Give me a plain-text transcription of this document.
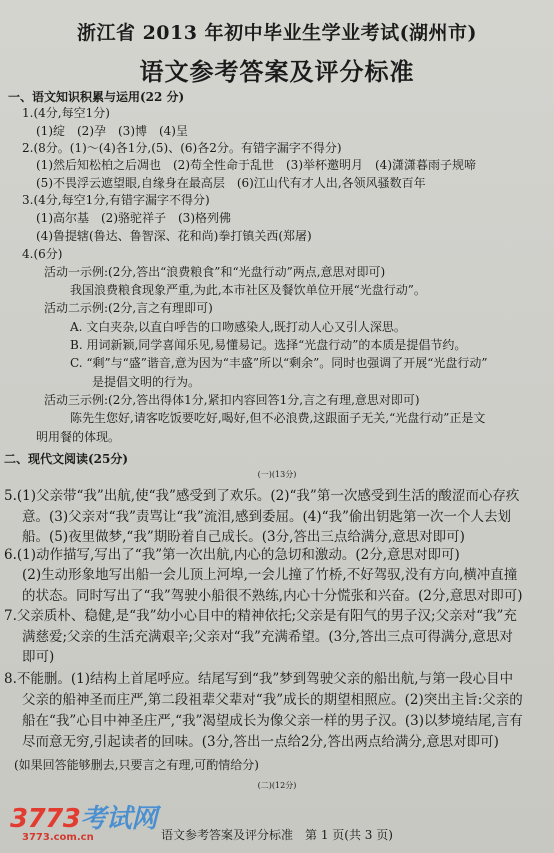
浙江省 2013 年初中毕业生学业考试(湖州市)
语文参考答案及评分标准
一、语文知识积累与运用(22 分)
1.(4分,每空1分)
(1)绽　(2)孕　(3)博　(4)呈
2.(8分。(1)～(4)各1分,(5)、(6)各2分。有错字漏字不得分)
(1)然后知松柏之后凋也　(2)苟全性命于乱世　(3)举杯邀明月　(4)潇潇暮雨子规啼
(5)不畏浮云遮望眼,自缘身在最高层　(6)江山代有才人出,各领风骚数百年
3.(4分,每空1分,有错字漏字不得分)
(1)高尔基　(2)骆驼祥子　(3)格列佛
(4)鲁提辖(鲁达、鲁智深、花和尚)拳打镇关西(郑屠)
4.(6分)
活动一示例:(2分,答出“浪费粮食”和“光盘行动”两点,意思对即可)
我国浪费粮食现象严重,为此,本市社区及餐饮单位开展“光盘行动”。
活动二示例:(2分,言之有理即可)
A. 文白夹杂,以直白呼告的口吻感染人,既打动人心又引人深思。
B. 用词新颖,同学喜闻乐见,易懂易记。选择“光盘行动”的本质是提倡节约。
C. “剩”与“盛”谐音,意为因为“丰盛”所以“剩余”。同时也强调了开展“光盘行动”
是提倡文明的行为。
活动三示例:(2分,答出得体1分,紧扣内容回答1分,言之有理,意思对即可)
陈先生您好,请客吃饭要吃好,喝好,但不必浪费,这跟面子无关,“光盘行动”正是文
明用餐的体现。
二、现代文阅读(25分)
(一)(13分)
5.(1)父亲带“我”出航,使“我”感受到了欢乐。(2)“我”第一次感受到生活的酸涩而心存疚
意。(3)父亲对“我”责骂让“我”流泪,感到委屈。(4)“我”偷出钥匙第一次一个人去划
船。(5)夜里做梦,“我”期盼着自己成长。(3分,答出三点给满分,意思对即可)
6.(1)动作描写,写出了“我”第一次出航,内心的急切和激动。(2分,意思对即可)
(2)生动形象地写出船一会儿顶上河埠,一会儿撞了竹桥,不好驾驭,没有方向,横冲直撞
的状态。同时写出了“我”驾驶小船很不熟练,内心十分慌张和兴奋。(2分,意思对即可)
7.父亲质朴、稳健,是“我”幼小心目中的精神依托;父亲是有阳气的男子汉;父亲对“我”充
满慈爱;父亲的生活充满艰辛;父亲对“我”充满希望。(3分,答出三点可得满分,意思对
即可)
8.不能删。(1)结构上首尾呼应。结尾写到“我”梦到驾驶父亲的船出航,与第一段心目中
父亲的船神圣而庄严,第二段祖辈父辈对“我”成长的期望相照应。(2)突出主旨:父亲的
船在“我”心目中神圣庄严,“我”渴望成长为像父亲一样的男子汉。(3)以梦境结尾,言有
尽而意无穷,引起读者的回味。(3分,答出一点给2分,答出两点给满分,意思对即可)
(如果回答能够删去,只要言之有理,可酌情给分)
(二)(12分)
3773考试网
3773.com.cn	语文参考答案及评分标准　第 1 页(共 3 页)
